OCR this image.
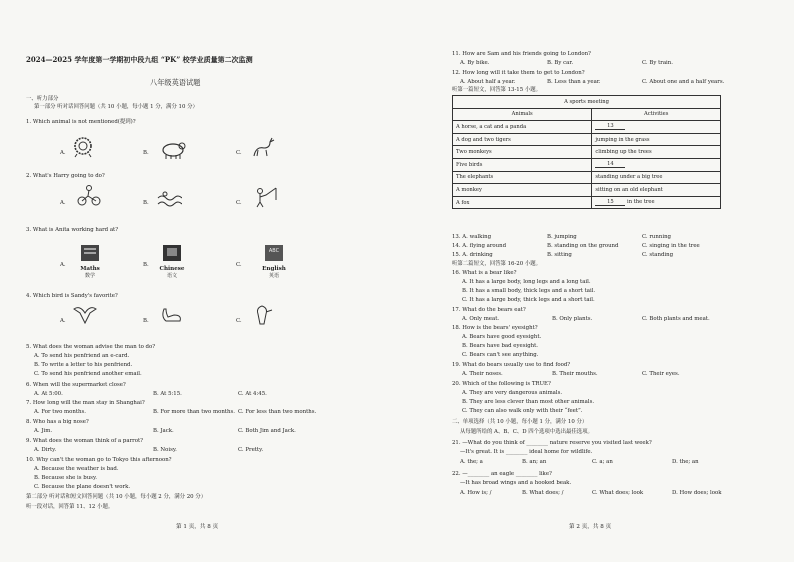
2024—2025 学年度第一学期初中段九组 “PK” 校学业质量第二次监测
八年级英语试题
一、听力部分
第一部分 听对话回答问题（共 10 小题，每小题 1 分，满分 10 分）
1. Which animal is not mentioned(提到)?
A.	B.	C.
2. What's Harry going to do?
A.	B.	C.
3. What is Anita working hard at?
A.
Maths
数学
B.
Chinese
语文
C.
ABC
English
英语
4. Which bird is Sandy's favorite?
A.	B.	C.
5. What does the woman advise the man to do?
A. To send his penfriend an e-card.
B. To write a letter to his penfriend.
C. To send his penfriend another email.
6. When will the supermarket close?
A. At 5:00.	B. At 5:15.	C. At 4:45.
7. How long will the man stay in Shanghai?
A. For two months.	B. For more than two months. C. For less than two months.
8. Who has a big nose?
A. Jim.	B. Jack.	C. Both Jim and Jack.
9. What does the woman think of a parrot?
A. Dirty.	B. Noisy.	C. Pretty.
10. Why can't the woman go to Tokyo this afternoon?
A. Because the weather is bad.
B. Because she is busy.
C. Because the plane doesn't work.
第二部分 听对话和短文回答问题（共 10 小题，每小题 2 分，满分 20 分）
听一段对话，回答第 11、12 小题。
第 1 页，共 8 页
11. How are Sam and his friends going to London?
A. By bike.	B. By car.	C. By train.
12. How long will it take them to get to London?
A. About half a year.	B. Less than a year.	C. About one and a half years.
听第一篇短文，回答第 13-15 小题。
A sports meeting	
Animals	Activities
A horse, a cat and a panda	13
A dog and two tigers	jumping in the grass
Two monkeys	climbing up the trees
Five birds	14
The elephants	standing under a big tree
A monkey	sitting on an old elephant
A fox	15 in the tree
13. A. walking	B. jumping	C. running
14. A. flying around	B. standing on the ground	C. singing in the tree
15. A. drinking	B. sitting	C. standing
听第二篇短文，回答第 16-20 小题。
16. What is a bear like?
A. It has a large body, long legs and a long tail.
B. It has a small body, thick legs and a short tail.
C. It has a large body, thick legs and a short tail.
17. What do the bears eat?
A. Only meat.	B. Only plants.	C. Both plants and meat.
18. How is the bears' eyesight?
A. Bears have good eyesight.
B. Bears have bad eyesight.
C. Bears can't see anything.
19. What do bears usually use to find food?
A. Their noses.	B. Their mouths.	C. Their eyes.
20. Which of the following is TRUE?
A. They are very dangerous animals.
B. They are less clever than most other animals.
C. They can also walk only with their “feet”.
二、单项选择（共 10 小题，每小题 1 分，满分 10 分）
从每题所给的 A、B、C、D 四个选项中选出最佳选项。
21. —What do you think of ________ nature reserve you visited last week?
—It's great. It is ________ ideal home for wildlife.
A. the; a	B. an; an	C. a; an	D. the; an
22. —________ an eagle ________ like?
—It has broad wings and a hooked beak.
A. How is; /	B. What does; /	C. What does; look	D. How does; look
第 2 页，共 8 页
